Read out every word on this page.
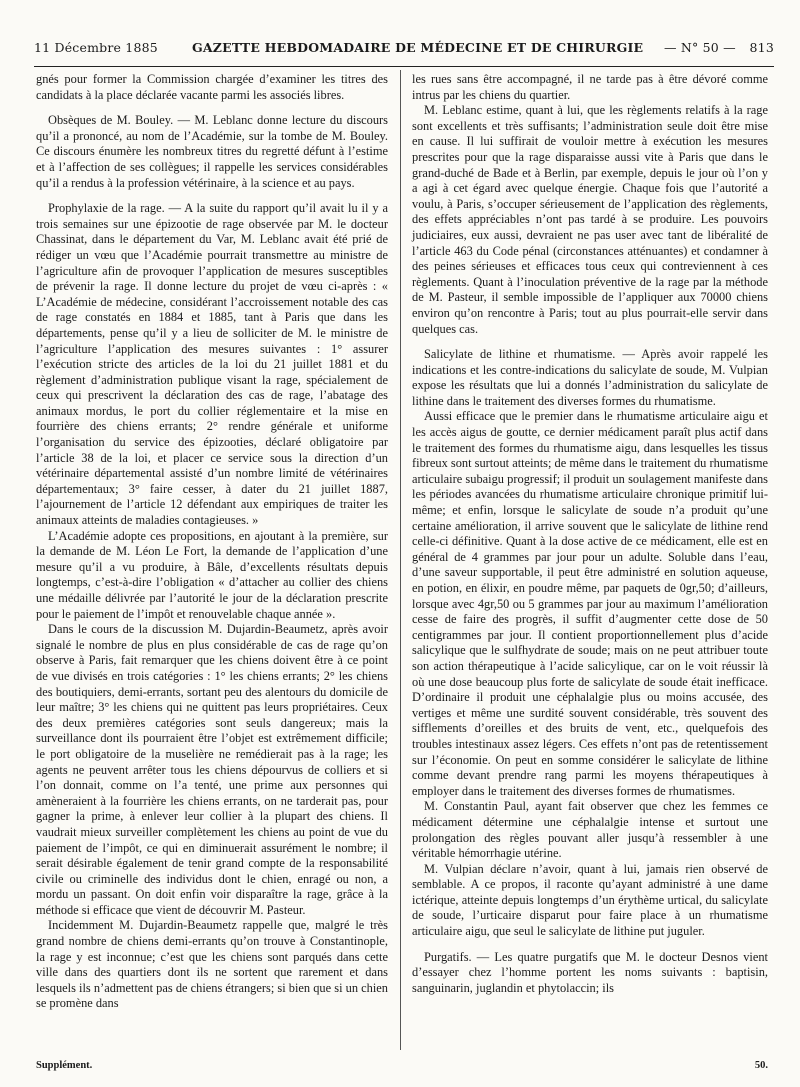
11 Décembre 1885	GAZETTE HEBDOMADAIRE DE MÉDECINE ET DE CHIRURGIE — N° 50 — 813

gnés pour former la Commission chargée d’examiner les titres des candidats à la place déclarée vacante parmi les associés libres.

Obsèques de M. Bouley. — M. Leblanc donne lecture du discours qu’il a prononcé, au nom de l’Académie, sur la tombe de M. Bouley. Ce discours énumère les nombreux titres du regretté défunt à l’estime et à l’affection de ses collègues; il rappelle les services considérables qu’il a rendus à la profession vétérinaire, à la science et au pays.

Prophylaxie de la rage. — A la suite du rapport qu’il avait lu il y a trois semaines sur une épizootie de rage observée par M. le docteur Chassinat, dans le département du Var, M. Leblanc avait été prié de rédiger un vœu que l’Académie pourrait transmettre au ministre de l’agriculture afin de provoquer l’application de mesures susceptibles de prévenir la rage. Il donne lecture du projet de vœu ci-après : « L’Académie de médecine, considérant l’accroissement notable des cas de rage constatés en 1884 et 1885, tant à Paris que dans les départements, pense qu’il y a lieu de solliciter de M. le ministre de l’agriculture l’application des mesures suivantes : 1° assurer l’exécution stricte des articles de la loi du 21 juillet 1881 et du règlement d’administration publique visant la rage, spécialement de ceux qui prescrivent la déclaration des cas de rage, l’abatage des animaux mordus, le port du collier réglementaire et la mise en fourrière des chiens errants; 2° rendre générale et uniforme l’organisation du service des épizooties, déclaré obligatoire par l’article 38 de la loi, et placer ce service sous la direction d’un vétérinaire départemental assisté d’un nombre limité de vétérinaires départementaux; 3° faire cesser, à dater du 21 juillet 1887, l’ajournement de l’article 12 défendant aux empiriques de traiter les animaux atteints de maladies contagieuses. »

L’Académie adopte ces propositions, en ajoutant à la première, sur la demande de M. Léon Le Fort, la demande de l’application d’une mesure qu’il a vu produire, à Bâle, d’excellents résultats depuis longtemps, c’est-à-dire l’obligation « d’attacher au collier des chiens une médaille délivrée par l’autorité le jour de la déclaration prescrite pour le paiement de l’impôt et renouvelable chaque année ».

Dans le cours de la discussion M. Dujardin-Beaumetz, après avoir signalé le nombre de plus en plus considérable de cas de rage qu’on observe à Paris, fait remarquer que les chiens doivent être à ce point de vue divisés en trois catégories : 1° les chiens errants; 2° les chiens des boutiquiers, demi-errants, sortant peu des alentours du domicile de leur maître; 3° les chiens qui ne quittent pas leurs propriétaires. Ceux des deux premières catégories sont seuls dangereux; mais la surveillance dont ils pourraient être l’objet est extrêmement difficile; le port obligatoire de la muselière ne remédierait pas à la rage; les agents ne peuvent arrêter tous les chiens dépourvus de colliers et si l’on donnait, comme on l’a tenté, une prime aux personnes qui amèneraient à la fourrière les chiens errants, on ne tarderait pas, pour gagner la prime, à enlever leur collier à la plupart des chiens. Il vaudrait mieux surveiller complètement les chiens au point de vue du paiement de l’impôt, ce qui en diminuerait assurément le nombre; il serait désirable également de tenir grand compte de la responsabilité civile ou criminelle des individus dont le chien, enragé ou non, a mordu un passant. On doit enfin voir disparaître la rage, grâce à la méthode si efficace que vient de découvrir M. Pasteur.

Incidemment M. Dujardin-Beaumetz rappelle que, malgré le très grand nombre de chiens demi-errants qu’on trouve à Constantinople, la rage y est inconnue; c’est que les chiens sont parqués dans cette ville dans des quartiers dont ils ne sortent que rarement et dans lesquels ils n’admettent pas de chiens étrangers; si bien que si un chien se promène dans

les rues sans être accompagné, il ne tarde pas à être dévoré comme intrus par les chiens du quartier.

M. Leblanc estime, quant à lui, que les règlements relatifs à la rage sont excellents et très suffisants; l’administration seule doit être mise en cause. Il lui suffirait de vouloir mettre à exécution les mesures prescrites pour que la rage disparaisse aussi vite à Paris que dans le grand-duché de Bade et à Berlin, par exemple, depuis le jour où l’on y a agi à cet égard avec quelque énergie. Chaque fois que l’autorité a voulu, à Paris, s’occuper sérieusement de l’application des règlements, des effets appréciables n’ont pas tardé à se produire. Les pouvoirs judiciaires, eux aussi, devraient ne pas user avec tant de libéralité de l’article 463 du Code pénal (circonstances atténuantes) et condamner à des peines sérieuses et efficaces tous ceux qui contreviennent à ces règlements. Quant à l’inoculation préventive de la rage par la méthode de M. Pasteur, il semble impossible de l’appliquer aux 70000 chiens environ qu’on rencontre à Paris; tout au plus pourrait-elle servir dans quelques cas.

Salicylate de lithine et rhumatisme. — Après avoir rappelé les indications et les contre-indications du salicylate de soude, M. Vulpian expose les résultats que lui a donnés l’administration du salicylate de lithine dans le traitement des diverses formes du rhumatisme.

Aussi efficace que le premier dans le rhumatisme articulaire aigu et les accès aigus de goutte, ce dernier médicament paraît plus actif dans le traitement des formes du rhumatisme aigu, dans lesquelles les tissus fibreux sont surtout atteints; de même dans le traitement du rhumatisme articulaire subaigu progressif; il produit un soulagement manifeste dans les périodes avancées du rhumatisme articulaire chronique primitif lui-même; et enfin, lorsque le salicylate de soude n’a produit qu’une certaine amélioration, il arrive souvent que le salicylate de lithine rend celle-ci définitive. Quant à la dose active de ce médicament, elle est en général de 4 grammes par jour pour un adulte. Soluble dans l’eau, d’une saveur supportable, il peut être administré en solution aqueuse, en potion, en élixir, en poudre même, par paquets de 0gr,50; d’ailleurs, lorsque avec 4gr,50 ou 5 grammes par jour au maximum l’amélioration cesse de faire des progrès, il suffit d’augmenter cette dose de 50 centigrammes par jour. Il contient proportionnellement plus d’acide salicylique que le sulfhydrate de soude; mais on ne peut attribuer toute son action thérapeutique à l’acide salicylique, car on le voit réussir là où une dose beaucoup plus forte de salicylate de soude était inefficace. D’ordinaire il produit une céphalalgie plus ou moins accusée, des vertiges et même une surdité souvent considérable, très souvent des sifflements d’oreilles et des bruits de vent, etc., quelquefois des troubles intestinaux assez légers. Ces effets n’ont pas de retentissement sur l’économie. On peut en somme considérer le salicylate de lithine comme devant prendre rang parmi les moyens thérapeutiques à employer dans le traitement des diverses formes de rhumatismes.

M. Constantin Paul, ayant fait observer que chez les femmes ce médicament détermine une céphalalgie intense et surtout une prolongation des règles pouvant aller jusqu’à ressembler à une véritable hémorrhagie utérine.

M. Vulpian déclare n’avoir, quant à lui, jamais rien observé de semblable. A ce propos, il raconte qu’ayant administré à une dame ictérique, atteinte depuis longtemps d’un érythème urtical, du salicylate de soude, l’urticaire disparut pour faire place à un rhumatisme articulaire aigu, que seul le salicylate de lithine put juguler.

Purgatifs. — Les quatre purgatifs que M. le docteur Desnos vient d’essayer chez l’homme portent les noms suivants : baptisin, sanguinarin, juglandin et phytolaccin; ils

Supplément.	50.
